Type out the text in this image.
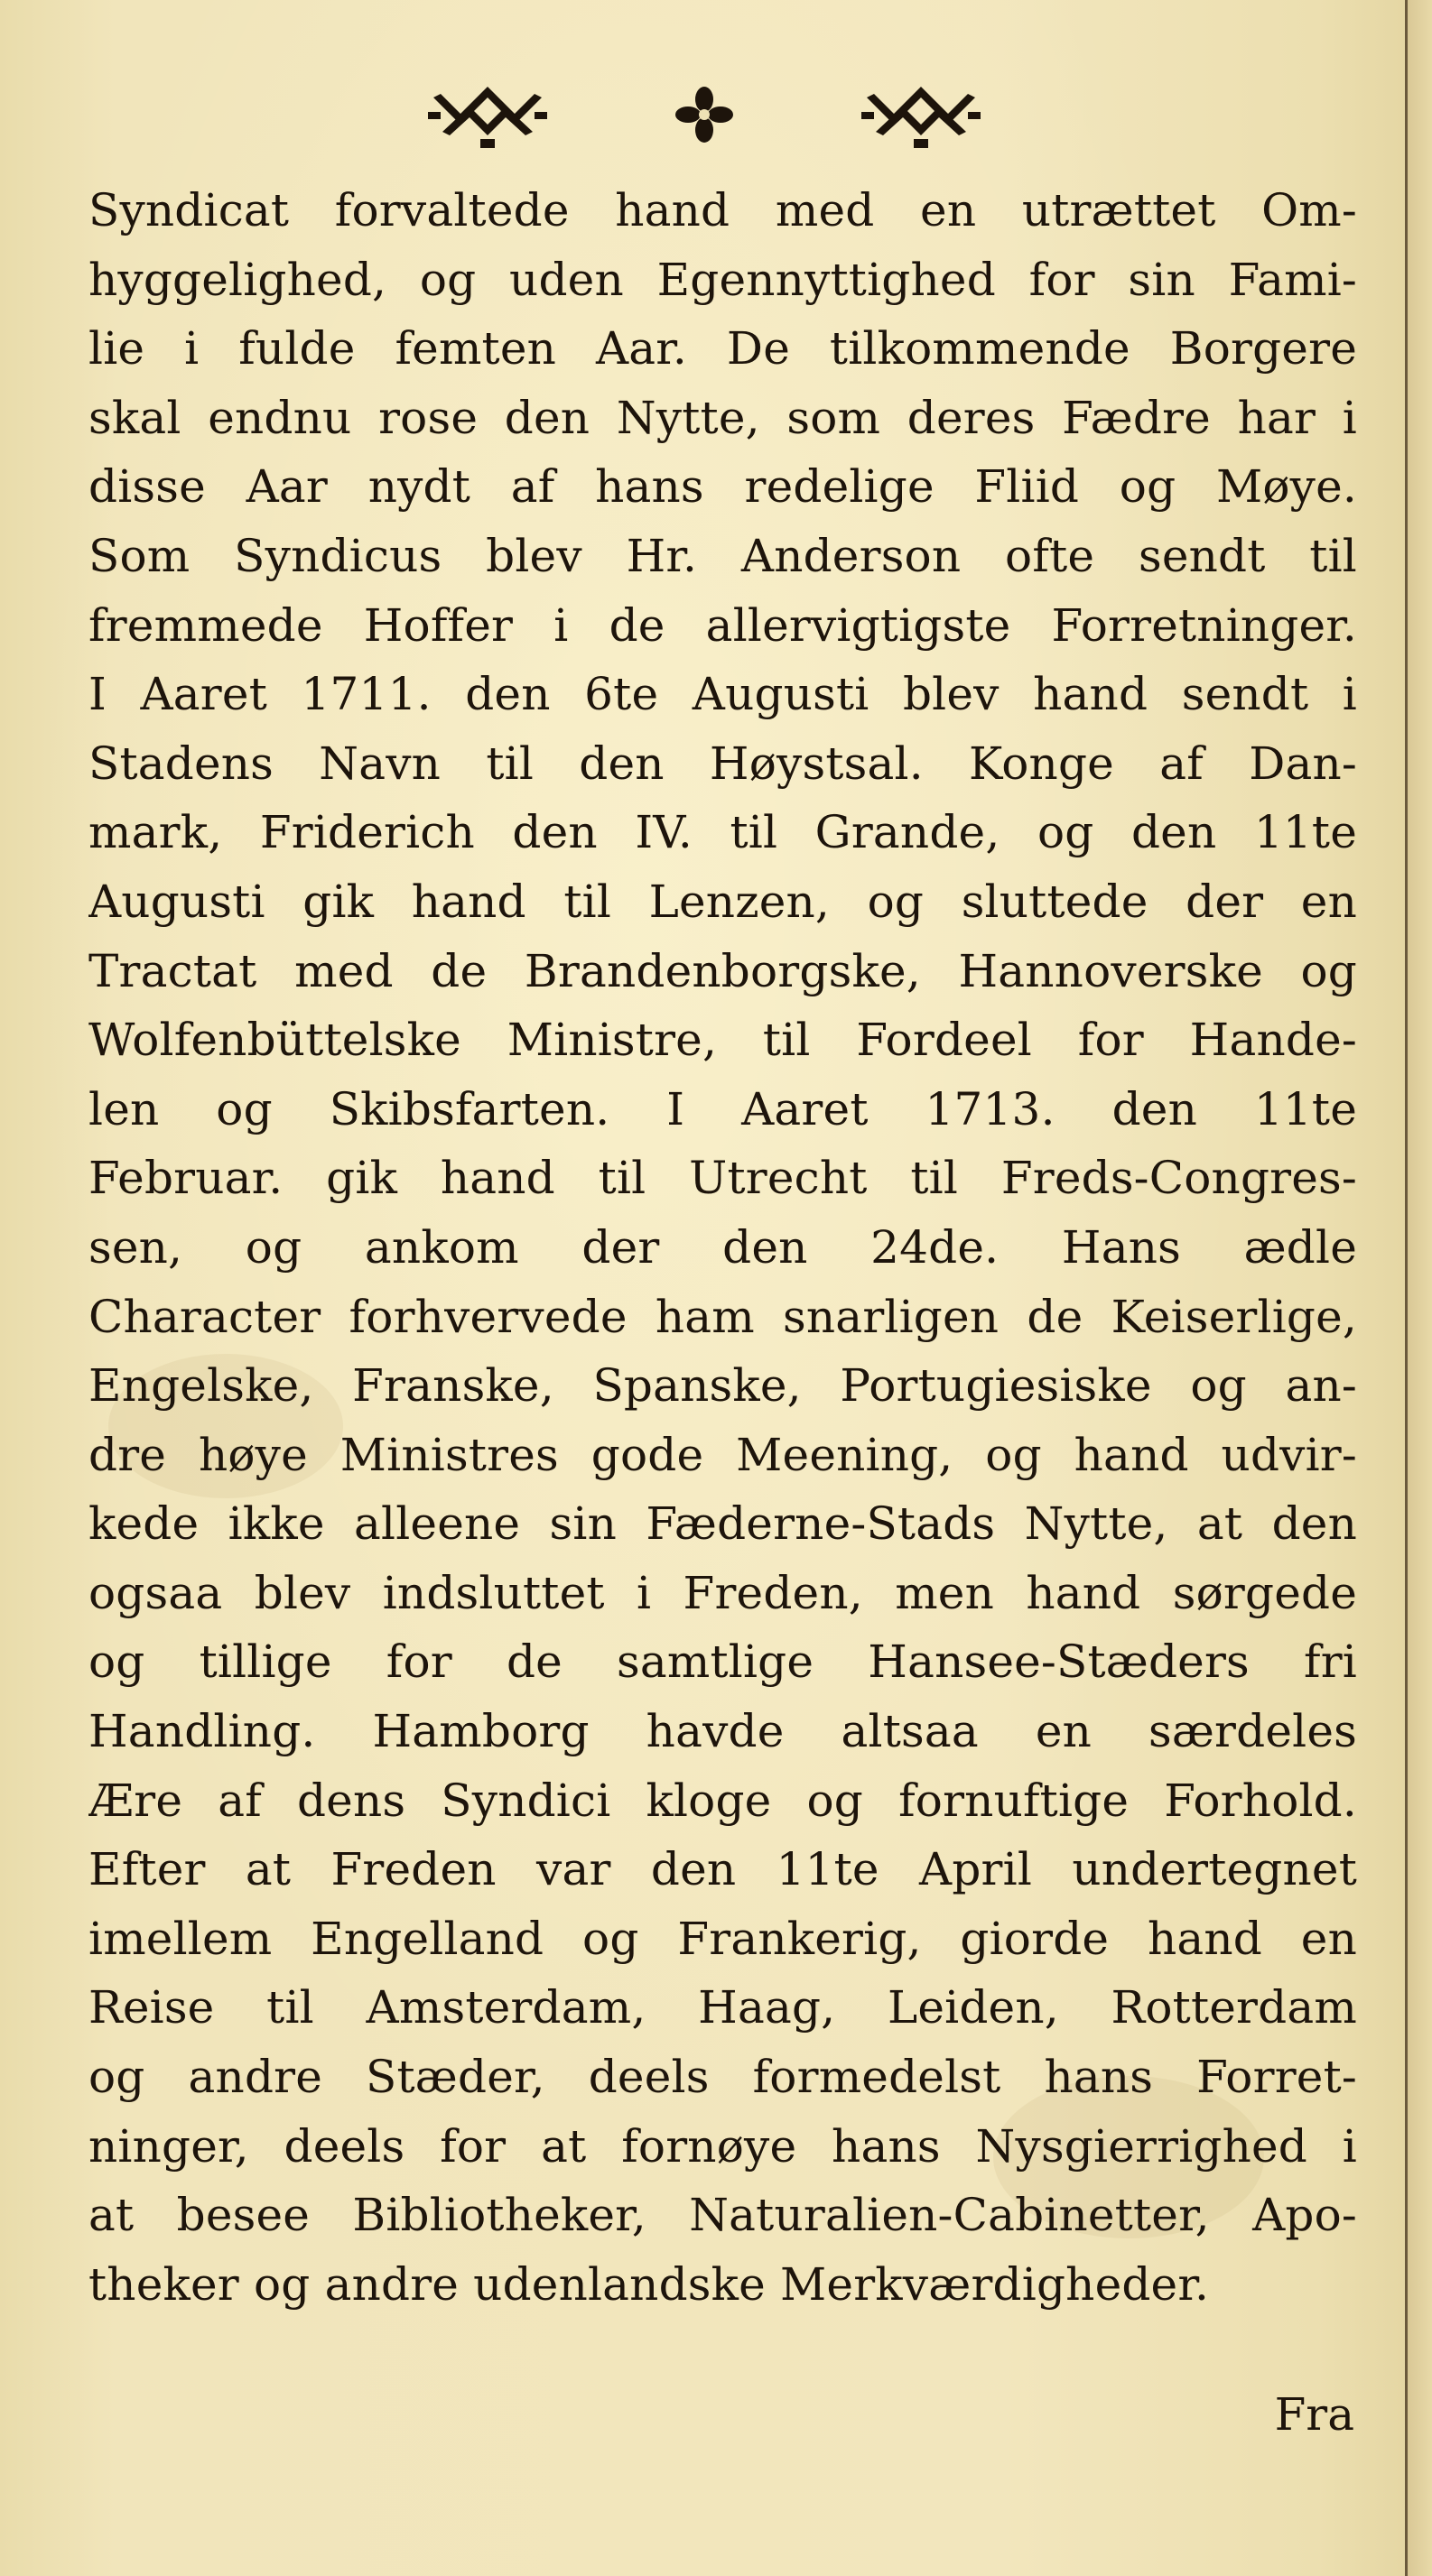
Syndicat forvaltede hand med en utrættet Om-
hyggelighed, og uden Egennyttighed for sin Fami-
lie i fulde femten Aar. De tilkommende Borgere
skal endnu rose den Nytte, som deres Fædre har i
disse Aar nydt af hans redelige Fliid og Møye.
Som Syndicus blev Hr. Anderson ofte sendt til
fremmede Hoffer i de allervigtigste Forretninger.
I Aaret 1711. den 6te Augusti blev hand sendt i
Stadens Navn til den Høystsal. Konge af Dan-
mark, Friderich den IV. til Grande, og den 11te
Augusti gik hand til Lenzen, og sluttede der en
Tractat med de Brandenborgske, Hannoverske og
Wolfenbüttelske Ministre, til Fordeel for Hande-
len og Skibsfarten. I Aaret 1713. den 11te
Februar. gik hand til Utrecht til Freds-Congres-
sen, og ankom der den 24de. Hans ædle
Character forhvervede ham snarligen de Keiserlige,
Engelske, Franske, Spanske, Portugiesiske og an-
dre høye Ministres gode Meening, og hand udvir-
kede ikke alleene sin Fæderne-Stads Nytte, at den
ogsaa blev indsluttet i Freden, men hand sørgede
og tillige for de samtlige Hansee-Stæders fri
Handling. Hamborg havde altsaa en særdeles
Ære af dens Syndici kloge og fornuftige Forhold.
Efter at Freden var den 11te April undertegnet
imellem Engelland og Frankerig, giorde hand en
Reise til Amsterdam, Haag, Leiden, Rotterdam
og andre Stæder, deels formedelst hans Forret-
ninger, deels for at fornøye hans Nysgierrighed i
at besee Bibliotheker, Naturalien-Cabinetter, Apo-
theker og andre udenlandske Merkværdigheder.
Fra
